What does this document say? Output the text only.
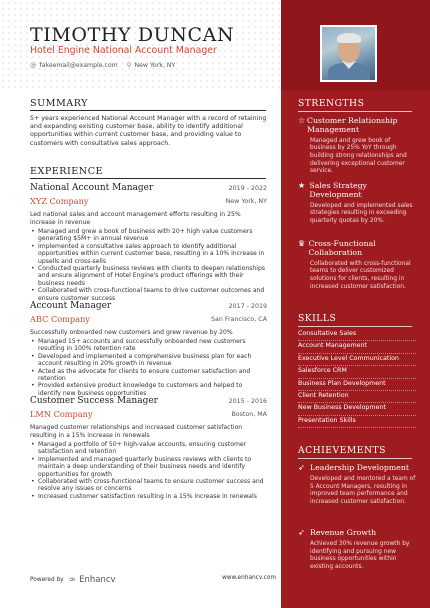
TIMOTHY DUNCAN
Hotel Engine National Account Manager
@ fakeemail@example.com ⚲ New York, NY
SUMMARY
5+ years experienced National Account Manager with a record of retaining and expanding existing customer base, ability to identify additional opportunities within current customer base, and providing value to customers with consultative sales approach.
EXPERIENCE
National Account Manager	2019 - 2022
XYZ Company	New York, NY
Led national sales and account management efforts resulting in 25% increase in revenue
• Managed and grew a book of business with 20+ high value customers generating $5M+ in annual revenue
• Implemented a consultative sales approach to identify additional opportunities within current customer base, resulting in a 10% increase in upsells and cross-sells
• Conducted quarterly business reviews with clients to deepen relationships and ensure alignment of Hotel Engine's product offerings with their business needs
• Collaborated with cross-functional teams to drive customer outcomes and ensure customer success
Account Manager	2017 - 2019
ABC Company	San Francisco, CA
Successfully onboarded new customers and grew revenue by 20%
• Managed 15+ accounts and successfully onboarded new customers resulting in 100% retention rate
• Developed and implemented a comprehensive business plan for each account resulting in 20% growth in revenue
• Acted as the advocate for clients to ensure customer satisfaction and retention
• Provided extensive product knowledge to customers and helped to identify new business opportunities
Customer Success Manager	2015 - 2016
LMN Company	Boston, MA
Managed customer relationships and increased customer satisfaction resulting in a 15% increase in renewals
• Managed a portfolio of 50+ high-value accounts, ensuring customer satisfaction and retention
• Implemented and managed quarterly business reviews with clients to maintain a deep understanding of their business needs and identify opportunities for growth
• Collaborated with cross-functional teams to ensure customer success and resolve any issues or concerns
• Increased customer satisfaction resulting in a 15% increase in renewals
Powered by ∞ Enhancv	www.enhancv.com
STRENGTHS
☆ Customer Relationship Management
Managed and grew book of business by 25% YoY through building strong relationships and delivering exceptional customer service.
★ Sales Strategy Development
Developed and implemented sales strategies resulting in exceeding quarterly quotas by 20%.
♛ Cross-Functional Collaboration
Collaborated with cross-functional teams to deliver customized solutions for clients, resulting in increased customer satisfaction.
SKILLS
Consultative Sales
Account Management
Executive Level Communication
Salesforce CRM
Business Plan Development
Client Retention
New Business Development
Presentation Skills
ACHIEVEMENTS
➶ Leadership Development
Developed and mentored a team of 5 Account Managers, resulting in improved team performance and increased customer satisfaction.
➶ Revenue Growth
Achieved 30% revenue growth by identifying and pursuing new business opportunities within existing accounts.
